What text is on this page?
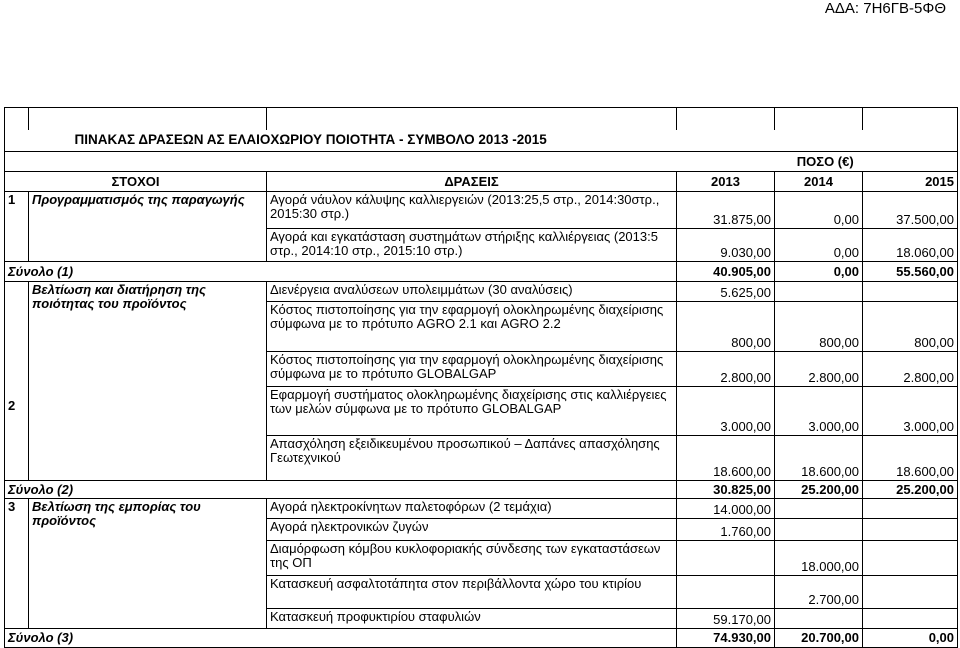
ΑΔΑ: 7Η6ΓΒ-5ΦΘ

	ΠΙΝΑΚΑΣ ΔΡΑΣΕΩΝ ΑΣ ΕΛΑΙΟΧΩΡΙΟΥ ΠΟΙΟΤΗΤΑ - ΣΥΜΒΟΛΟ 2013 -2015				
			ΠΟΣΟ (€)		
ΣΤΟΧΟΙ		ΔΡΑΣΕΙΣ	2013	2014	2015
1	Προγραμματισμός της παραγωγής	Αγορά νάυλον κάλυψης καλλιεργειών (2013:25,5 στρ., 2014:30στρ., 2015:30 στρ.)	31.875,00	0,00	37.500,00
		Αγορά και εγκατάσταση συστημάτων στήριξης καλλιέργειας (2013:5 στρ., 2014:10 στρ., 2015:10 στρ.)	9.030,00	0,00	18.060,00
Σύνολο (1)			40.905,00	0,00	55.560,00
2	Βελτίωση και διατήρηση της ποιότητας του προϊόντος	Διενέργεια αναλύσεων υπολειμμάτων (30 αναλύσεις)	5.625,00		
		Κόστος πιστοποίησης για την εφαρμογή ολοκληρωμένης διαχείρισης σύμφωνα με το πρότυπο AGRO 2.1 και AGRO 2.2	800,00	800,00	800,00
		Κόστος πιστοποίησης για την εφαρμογή ολοκληρωμένης διαχείρισης σύμφωνα με το πρότυπο GLOBALGAP	2.800,00	2.800,00	2.800,00
		Εφαρμογή συστήματος ολοκληρωμένης διαχείρισης στις καλλιέργειες των μελών σύμφωνα με το πρότυπο GLOBALGAP	3.000,00	3.000,00	3.000,00
		Απασχόληση εξειδικευμένου προσωπικού – Δαπάνες απασχόλησης Γεωτεχνικού	18.600,00	18.600,00	18.600,00
Σύνολο (2)			30.825,00	25.200,00	25.200,00
3	Βελτίωση της εμπορίας του προϊόντος	Αγορά ηλεκτροκίνητων παλετοφόρων (2 τεμάχια)	14.000,00		
		Αγορά ηλεκτρονικών ζυγών	1.760,00		
		Διαμόρφωση κόμβου κυκλοφοριακής σύνδεσης των εγκαταστάσεων της ΟΠ		18.000,00	
		Κατασκευή ασφαλτοτάπητα στον περιβάλλοντα χώρο του κτιρίου		2.700,00	
		Κατασκευή προφυκτιρίου σταφυλιών	59.170,00		
Σύνολο (3)			74.930,00	20.700,00	0,00
